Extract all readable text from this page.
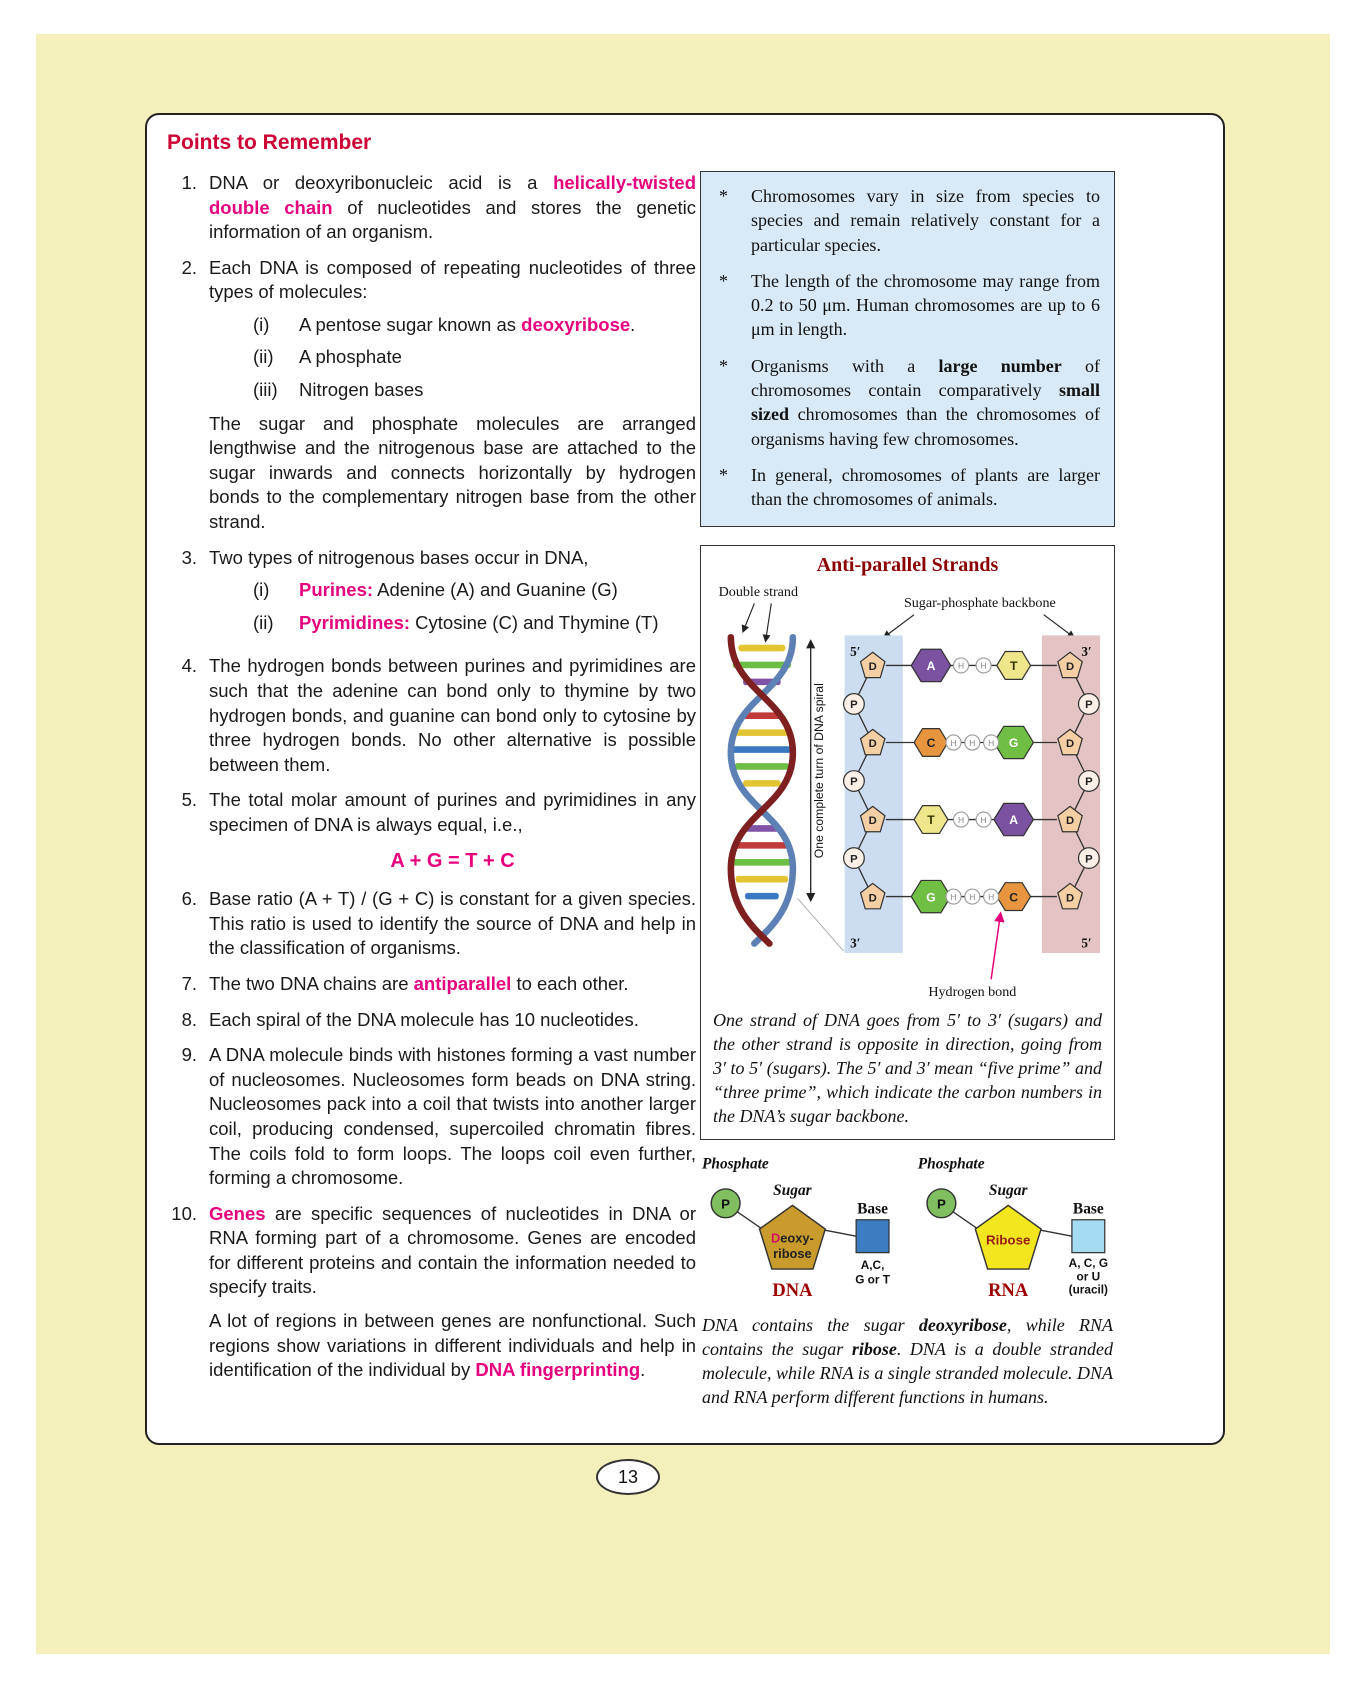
Points to Remember
1. DNA or deoxyribonucleic acid is a helically-twisted double chain of nucleotides and stores the genetic information of an organism.
2. Each DNA is composed of repeating nucleotides of three types of molecules:
(i)	A pentose sugar known as deoxyribose.
(ii)	A phosphate
(iii)	Nitrogen bases
The sugar and phosphate molecules are arranged lengthwise and the nitrogenous base are attached to the sugar inwards and connects horizontally by hydrogen bonds to the complementary nitrogen base from the other strand.
3. Two types of nitrogenous bases occur in DNA,
(i)	Purines: Adenine (A) and Guanine (G)
(ii)	Pyrimidines: Cytosine (C) and Thymine (T)
4. The hydrogen bonds between purines and pyrimidines are such that the adenine can bond only to thymine by two hydrogen bonds, and guanine can bond only to cytosine by three hydrogen bonds. No other alternative is possible between them.
5. The total molar amount of purines and pyrimidines in any specimen of DNA is always equal, i.e.,
A + G = T + C
6. Base ratio (A + T) / (G + C) is constant for a given species. This ratio is used to identify the source of DNA and help in the classification of organisms.
7. The two DNA chains are antiparallel to each other.
8. Each spiral of the DNA molecule has 10 nucleotides.
9. A DNA molecule binds with histones forming a vast number of nucleosomes. Nucleosomes form beads on DNA string. Nucleosomes pack into a coil that twists into another larger coil, producing condensed, supercoiled chromatin fibres. The coils fold to form loops. The loops coil even further, forming a chromosome.
10. Genes are specific sequences of nucleotides in DNA or RNA forming part of a chromosome. Genes are encoded for different proteins and contain the information needed to specify traits.
A lot of regions in between genes are nonfunctional. Such regions show variations in different individuals and help in identification of the individual by DNA fingerprinting.
*	Chromosomes vary in size from species to species and remain relatively constant for a particular species.
*	The length of the chromosome may range from 0.2 to 50 μm. Human chromosomes are up to 6 μm in length.
*	Organisms with a large number of chromosomes contain comparatively small sized chromosomes than the chromosomes of organisms having few chromosomes.
*	In general, chromosomes of plants are larger than the chromosomes of animals.
Anti-parallel Strands
One complete turn of DNA spiral
Double strand
Sugar-phosphate backbone
A	T
H H
C	G
H H H
T	A
H H
G	C
H H H
D	D
D	D
D	D
D	D
P	P
P	P
P	P
5′	3′
3′	5′
Hydrogen bond
One strand of DNA goes from 5′ to 3′ (sugars) and the other strand is opposite in direction, going from 3′ to 5′ (sugars). The 5′ and 3′ mean “five prime” and “three prime”, which indicate the carbon numbers in the DNA’s sugar backbone.
Phosphate
P
Sugar
Deoxy-
ribose
Base
A,C,
G or T
DNA
Phosphate
P
Sugar
Ribose
Base
A, C, G
or U
(uracil)
RNA
DNA contains the sugar deoxyribose, while RNA contains the sugar ribose. DNA is a double stranded molecule, while RNA is a single stranded molecule. DNA and RNA perform different functions in humans.
13
